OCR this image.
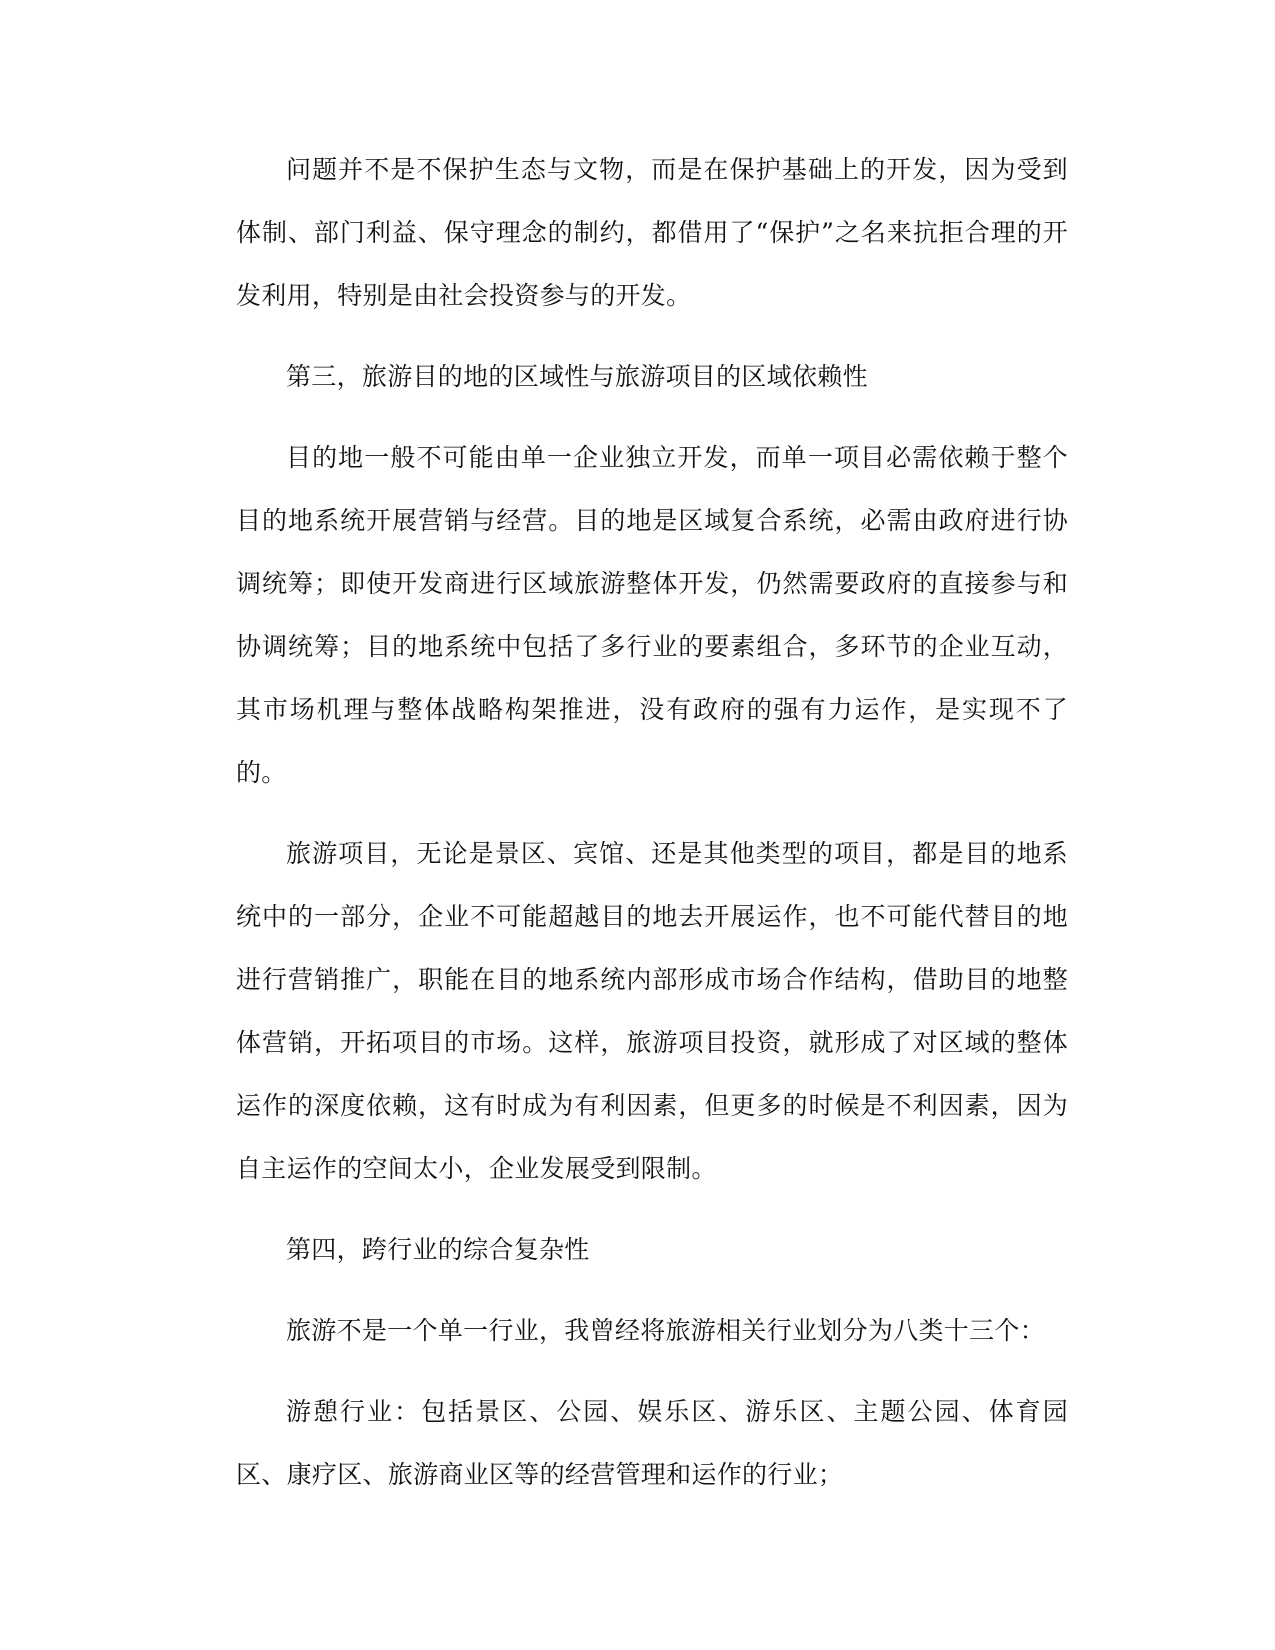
问题并不是不保护生态与文物，而是在保护基础上的开发，因为受到体制、部门利益、保守理念的制约，都借用了“保护”之名来抗拒合理的开发利用，特别是由社会投资参与的开发。

第三，旅游目的地的区域性与旅游项目的区域依赖性

目的地一般不可能由单一企业独立开发，而单一项目必需依赖于整个目的地系统开展营销与经营。目的地是区域复合系统，必需由政府进行协调统筹；即使开发商进行区域旅游整体开发，仍然需要政府的直接参与和协调统筹；目的地系统中包括了多行业的要素组合，多环节的企业互动，其市场机理与整体战略构架推进，没有政府的强有力运作，是实现不了的。

旅游项目，无论是景区、宾馆、还是其他类型的项目，都是目的地系统中的一部分，企业不可能超越目的地去开展运作，也不可能代替目的地进行营销推广，职能在目的地系统内部形成市场合作结构，借助目的地整体营销，开拓项目的市场。这样，旅游项目投资，就形成了对区域的整体运作的深度依赖，这有时成为有利因素，但更多的时候是不利因素，因为自主运作的空间太小，企业发展受到限制。

第四，跨行业的综合复杂性

旅游不是一个单一行业，我曾经将旅游相关行业划分为八类十三个：

游憩行业：包括景区、公园、娱乐区、游乐区、主题公园、体育园区、康疗区、旅游商业区等的经营管理和运作的行业；
